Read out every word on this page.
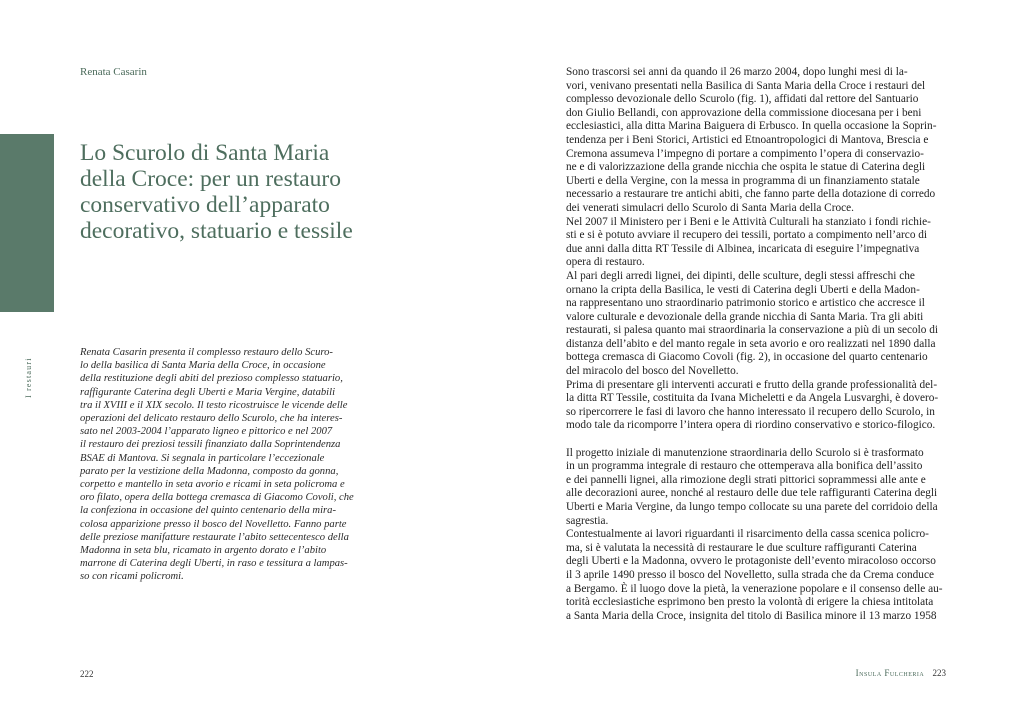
I restauri
Renata Casarin
Lo Scurolo di Santa Maria
della Croce: per un restauro
conservativo dell’apparato
decorativo, statuario e tessile
Renata Casarin presenta il complesso restauro dello Scuro-
lo della basilica di Santa Maria della Croce, in occasione
della restituzione degli abiti del prezioso complesso statuario,
raffigurante Caterina degli Uberti e Maria Vergine, databili
tra il XVIII e il XIX secolo. Il testo ricostruisce le vicende delle
operazioni del delicato restauro dello Scurolo, che ha interes-
sato nel 2003-2004 l’apparato ligneo e pittorico e nel 2007
il restauro dei preziosi tessili finanziato dalla Soprintendenza
BSAE di Mantova. Si segnala in particolare l’eccezionale
parato per la vestizione della Madonna, composto da gonna,
corpetto e mantello in seta avorio e ricami in seta policroma e
oro filato, opera della bottega cremasca di Giacomo Covoli, che
la confeziona in occasione del quinto centenario della mira-
colosa apparizione presso il bosco del Novelletto. Fanno parte
delle preziose manifatture restaurate l’abito settecentesco della
Madonna in seta blu, ricamato in argento dorato e l’abito
marrone di Caterina degli Uberti, in raso e tessitura a lampas-
so con ricami policromi.
Sono trascorsi sei anni da quando il 26 marzo 2004, dopo lunghi mesi di la-
vori, venivano presentati nella Basilica di Santa Maria della Croce i restauri del
complesso devozionale dello Scurolo (fig. 1), affidati dal rettore del Santuario
don Giulio Bellandi, con approvazione della commissione diocesana per i beni
ecclesiastici, alla ditta Marina Baiguera di Erbusco. In quella occasione la Soprin-
tendenza per i Beni Storici, Artistici ed Etnoantropologici di Mantova, Brescia e
Cremona assumeva l’impegno di portare a compimento l’opera di conservazio-
ne e di valorizzazione della grande nicchia che ospita le statue di Caterina degli
Uberti e della Vergine, con la messa in programma di un finanziamento statale
necessario a restaurare tre antichi abiti, che fanno parte della dotazione di corredo
dei venerati simulacri dello Scurolo di Santa Maria della Croce.
Nel 2007 il Ministero per i Beni e le Attività Culturali ha stanziato i fondi richie-
sti e si è potuto avviare il recupero dei tessili, portato a compimento nell’arco di
due anni dalla ditta RT Tessile di Albinea, incaricata di eseguire l’impegnativa
opera di restauro.
Al pari degli arredi lignei, dei dipinti, delle sculture, degli stessi affreschi che
ornano la cripta della Basilica, le vesti di Caterina degli Uberti e della Madon-
na rappresentano uno straordinario patrimonio storico e artistico che accresce il
valore culturale e devozionale della grande nicchia di Santa Maria. Tra gli abiti
restaurati, si palesa quanto mai straordinaria la conservazione a più di un secolo di
distanza dell’abito e del manto regale in seta avorio e oro realizzati nel 1890 dalla
bottega cremasca di Giacomo Covoli (fig. 2), in occasione del quarto centenario
del miracolo del bosco del Novelletto.
Prima di presentare gli interventi accurati e frutto della grande professionalità del-
la ditta RT Tessile, costituita da Ivana Micheletti e da Angela Lusvarghi, è dovero-
so ripercorrere le fasi di lavoro che hanno interessato il recupero dello Scurolo, in
modo tale da ricomporre l’intera opera di riordino conservativo e storico-filogico.
Il progetto iniziale di manutenzione straordinaria dello Scurolo si è trasformato
in un programma integrale di restauro che ottemperava alla bonifica dell’assito
e dei pannelli lignei, alla rimozione degli strati pittorici soprammessi alle ante e
alle decorazioni auree, nonché al restauro delle due tele raffiguranti Caterina degli
Uberti e Maria Vergine, da lungo tempo collocate su una parete del corridoio della
sagrestia.
Contestualmente ai lavori riguardanti il risarcimento della cassa scenica policro-
ma, si è valutata la necessità di restaurare le due sculture raffiguranti Caterina
degli Uberti e la Madonna, ovvero le protagoniste dell’evento miracoloso occorso
il 3 aprile 1490 presso il bosco del Novelletto, sulla strada che da Crema conduce
a Bergamo. È il luogo dove la pietà, la venerazione popolare e il consenso delle au-
torità ecclesiastiche esprimono ben presto la volontà di erigere la chiesa intitolata
a Santa Maria della Croce, insignita del titolo di Basilica minore il 13 marzo 1958
222	Insula Fulcheria 223
